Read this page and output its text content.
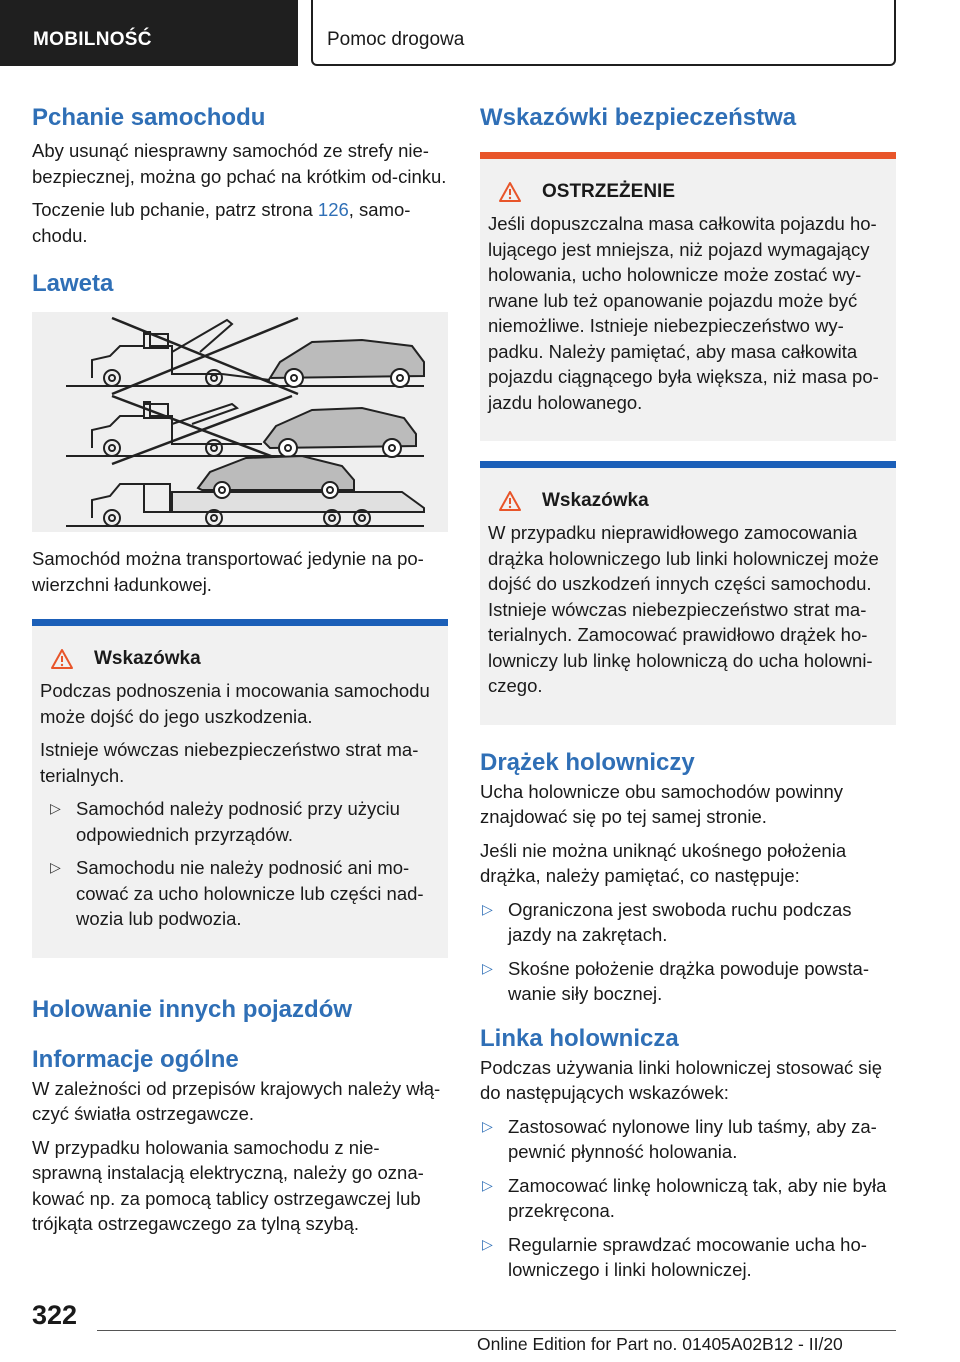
MOBILNOŚĆ	Pomoc drogowa
Pchanie samochodu

Aby usunąć niesprawny samochód ze strefy nie-bezpiecznej, można go pchać na krótkim od-cinku.

Toczenie lub pchanie, patrz strona 126, samo-chodu.

Laweta

Samochód można transportować jedynie na po-wierzchni ładunkowej.

Wskazówka

Podczas podnoszenia i mocowania samochodu może dojść do jego uszkodzenia.

Istnieje wówczas niebezpieczeństwo strat ma-terialnych.

▷ Samochód należy podnosić przy użyciu odpowiednich przyrządów.
▷ Samochodu nie należy podnosić ani mo-cować za ucho holownicze lub części nad-wozia lub podwozia.
Holowanie innych pojazdów
Informacje ogólne

W zależności od przepisów krajowych należy włą-czyć światła ostrzegawcze.

W przypadku holowania samochodu z nie-sprawną instalacją elektryczną, należy go ozna-kować np. za pomocą tablicy ostrzegawczej lub trójkąta ostrzegawczego za tylną szybą.

Wskazówki bezpieczeństwa
OSTRZEŻENIE

Jeśli dopuszczalna masa całkowita pojazdu ho-lującego jest mniejsza, niż pojazd wymagający holowania, ucho holownicze może zostać wy-rwane lub też opanowanie pojazdu może być niemożliwe. Istnieje niebezpieczeństwo wy-padku. Należy pamiętać, aby masa całkowita pojazdu ciągnącego była większa, niż masa po-jazdu holowanego.

Wskazówka

W przypadku nieprawidłowego zamocowania drążka holowniczego lub linki holowniczej może dojść do uszkodzeń innych części samochodu. Istnieje wówczas niebezpieczeństwo strat ma-terialnych. Zamocować prawidłowo drążek ho-lowniczy lub linkę holowniczą do ucha holowni-czego.

Drążek holowniczy

Ucha holownicze obu samochodów powinny znajdować się po tej samej stronie.

Jeśli nie można uniknąć ukośnego położenia drążka, należy pamiętać, co następuje:

▷ Ograniczona jest swoboda ruchu podczas jazdy na zakrętach.
▷ Skośne położenie drążka powoduje powsta-wanie siły bocznej.
Linka holownicza

Podczas używania linki holowniczej stosować się do następujących wskazówek:

▷ Zastosować nylonowe liny lub taśmy, aby za-pewnić płynność holowania.
▷ Zamocować linkę holowniczą tak, aby nie była przekręcona.
▷ Regularnie sprawdzać mocowanie ucha ho-lowniczego i linki holowniczej.
322
Online Edition for Part no. 01405A02B12 - II/20
